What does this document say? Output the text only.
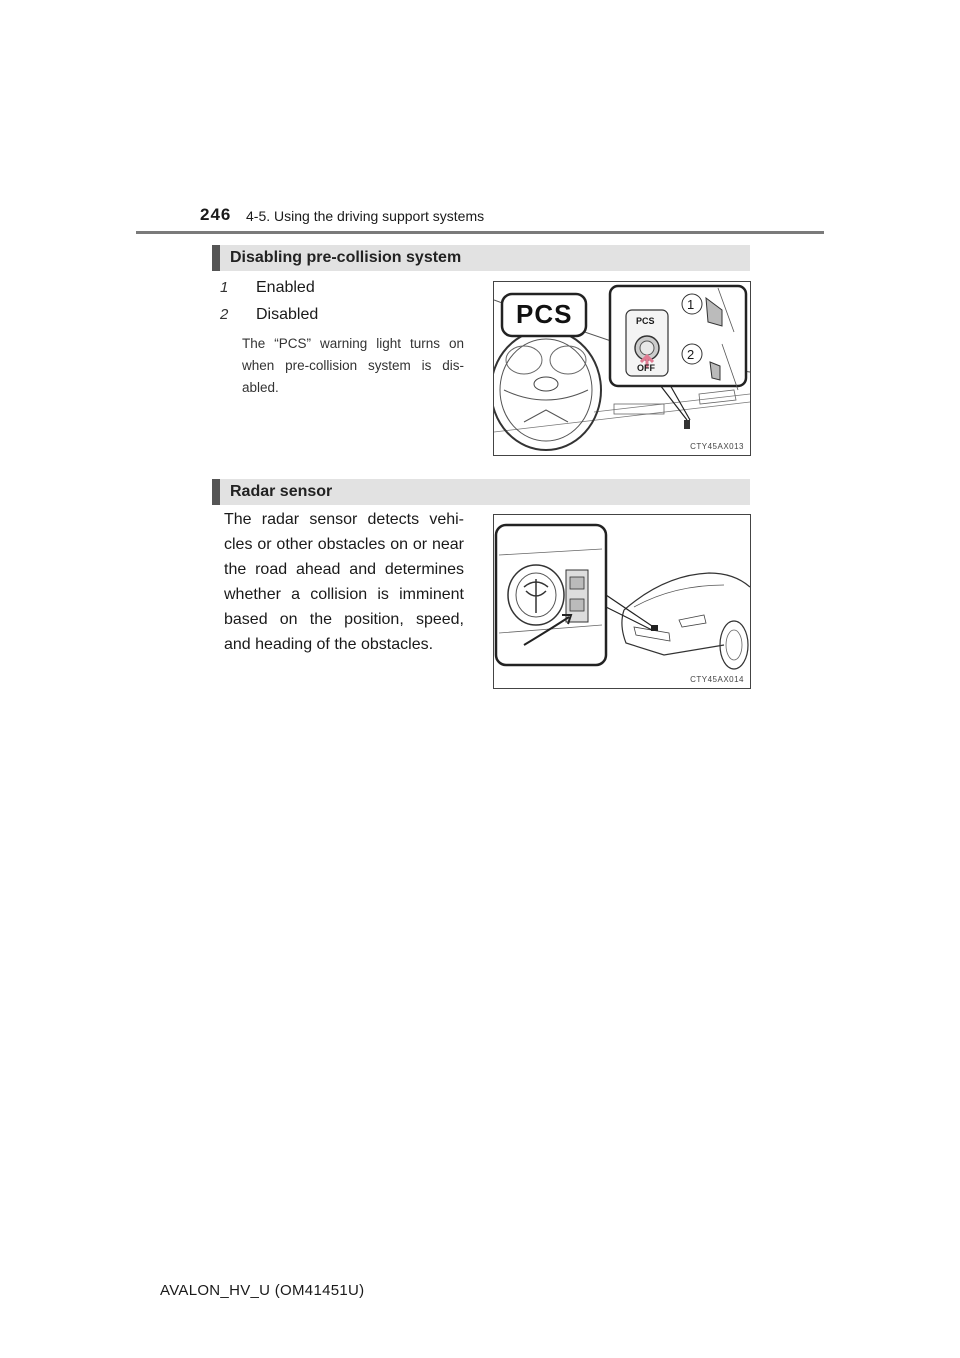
246 4-5. Using the driving support systems
Disabling pre-collision system
1 Enabled
2 Disabled
The “PCS” warning light turns on when pre-collision system is dis-abled.
PCS	PCS
OFF
1
2
CTY45AX013
Radar sensor
The radar sensor detects vehi-cles or other obstacles on or near the road ahead and determines whether a collision is imminent based on the position, speed, and heading of the obstacles.
CTY45AX014
AVALON_HV_U (OM41451U)
